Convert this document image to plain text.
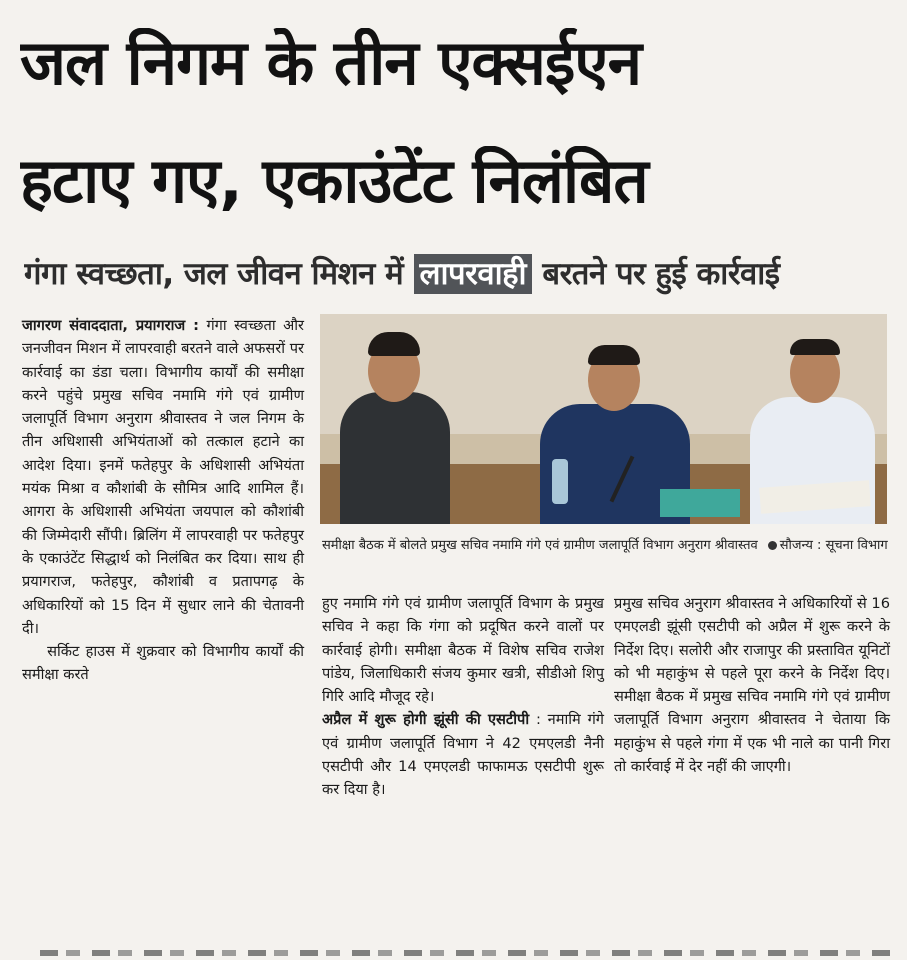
जल निगम के तीन एक्सईएन
हटाए गए, एकाउंटेंट निलंबित
गंगा स्वच्छता, जल जीवन मिशन में लापरवाही बरतने पर हुई कार्रवाई

जागरण संवाददाता, प्रयागराज : गंगा स्वच्छता और जनजीवन मिशन में लापरवाही बरतने वाले अफसरों पर कार्रवाई का डंडा चला। विभागीय कार्यों की समीक्षा करने पहुंचे प्रमुख सचिव नमामि गंगे एवं ग्रामीण जलापूर्ति विभाग अनुराग श्रीवास्तव ने जल निगम के तीन अधिशासी अभियंताओं को तत्काल हटाने का आदेश दिया। इनमें फतेहपुर के अधिशासी अभियंता मयंक मिश्रा व कौशांबी के सौमित्र आदि शामिल हैं। आगरा के अधिशासी अभियंता जयपाल को कौशांबी की जिम्मेदारी सौंपी। ब्रिलिंग में लापरवाही पर फतेहपुर के एकाउंटेंट सिद्धार्थ को निलंबित कर दिया। साथ ही प्रयागराज, फतेहपुर, कौशांबी व प्रतापगढ़ के अधिकारियों को 15 दिन में सुधार लाने की चेतावनी दी।

सर्किट हाउस में शुक्रवार को विभागीय कार्यों की समीक्षा करते

समीक्षा बैठक में बोलते प्रमुख सचिव नमामि गंगे एवं ग्रामीण जलापूर्ति विभाग अनुराग श्रीवास्तव सौजन्य : सूचना विभाग

हुए नमामि गंगे एवं ग्रामीण जलापूर्ति विभाग के प्रमुख सचिव ने कहा कि गंगा को प्रदूषित करने वालों पर कार्रवाई होगी। समीक्षा बैठक में विशेष सचिव राजेश पांडेय, जिलाधिकारी संजय कुमार खत्री, सीडीओ शिपु गिरि आदि मौजूद रहे।

अप्रैल में शुरू होगी झूंसी की एसटीपी : नमामि गंगे एवं ग्रामीण जलापूर्ति विभाग ने 42 एमएलडी नैनी एसटीपी और 14 एमएलडी फाफामऊ एसटीपी शुरू कर दिया है।

प्रमुख सचिव अनुराग श्रीवास्तव ने अधिकारियों से 16 एमएलडी झूंसी एसटीपी को अप्रैल में शुरू करने के निर्देश दिए। सलोरी और राजापुर की प्रस्तावित यूनिटों को भी महाकुंभ से पहले पूरा करने के निर्देश दिए। समीक्षा बैठक में प्रमुख सचिव नमामि गंगे एवं ग्रामीण जलापूर्ति विभाग अनुराग श्रीवास्तव ने चेताया कि महाकुंभ से पहले गंगा में एक भी नाले का पानी गिरा तो कार्रवाई में देर नहीं की जाएगी।
